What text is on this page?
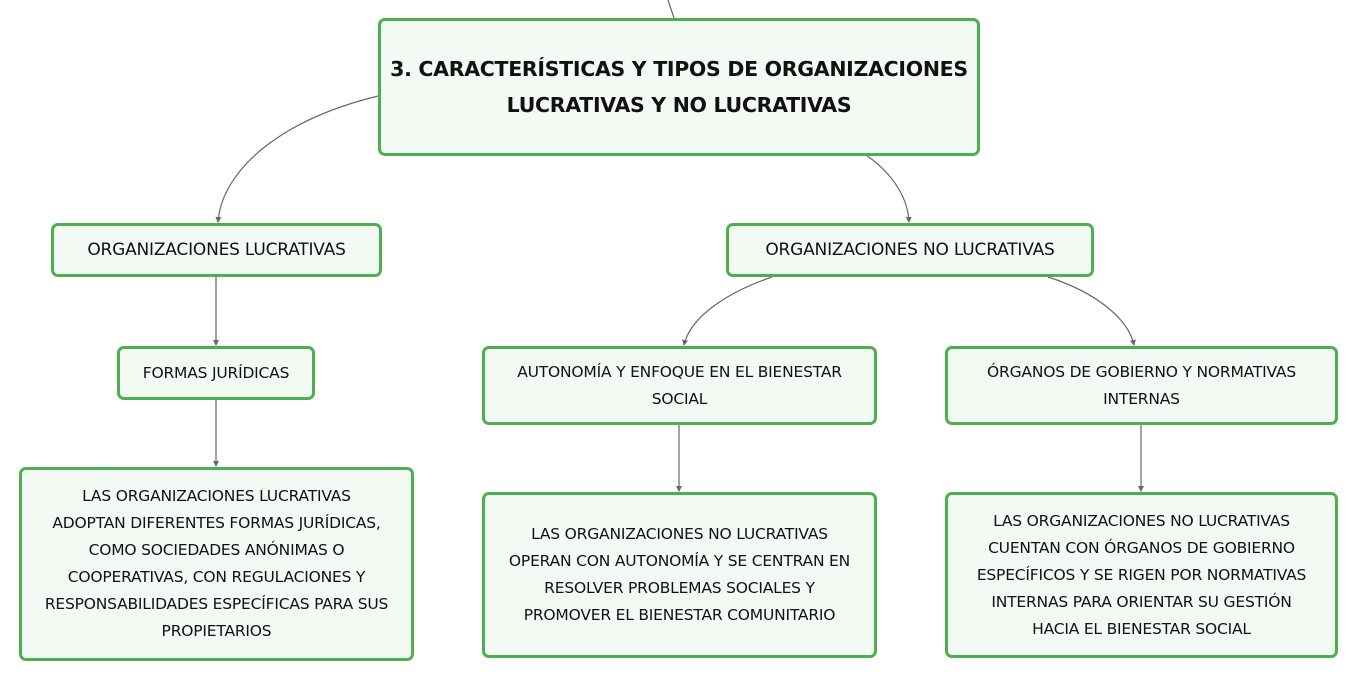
3. CARACTERÍSTICAS Y TIPOS DE ORGANIZACIONES
LUCRATIVAS Y NO LUCRATIVAS
ORGANIZACIONES LUCRATIVAS	ORGANIZACIONES NO LUCRATIVAS
FORMAS JURÍDICAS	AUTONOMÍA Y ENFOQUE EN EL BIENESTAR
SOCIAL
ÓRGANOS DE GOBIERNO Y NORMATIVAS
INTERNAS
LAS ORGANIZACIONES LUCRATIVAS
ADOPTAN DIFERENTES FORMAS JURÍDICAS,
COMO SOCIEDADES ANÓNIMAS O
COOPERATIVAS, CON REGULACIONES Y
RESPONSABILIDADES ESPECÍFICAS PARA SUS
PROPIETARIOS
LAS ORGANIZACIONES NO LUCRATIVAS
OPERAN CON AUTONOMÍA Y SE CENTRAN EN
RESOLVER PROBLEMAS SOCIALES Y
PROMOVER EL BIENESTAR COMUNITARIO
LAS ORGANIZACIONES NO LUCRATIVAS
CUENTAN CON ÓRGANOS DE GOBIERNO
ESPECÍFICOS Y SE RIGEN POR NORMATIVAS
INTERNAS PARA ORIENTAR SU GESTIÓN
HACIA EL BIENESTAR SOCIAL
